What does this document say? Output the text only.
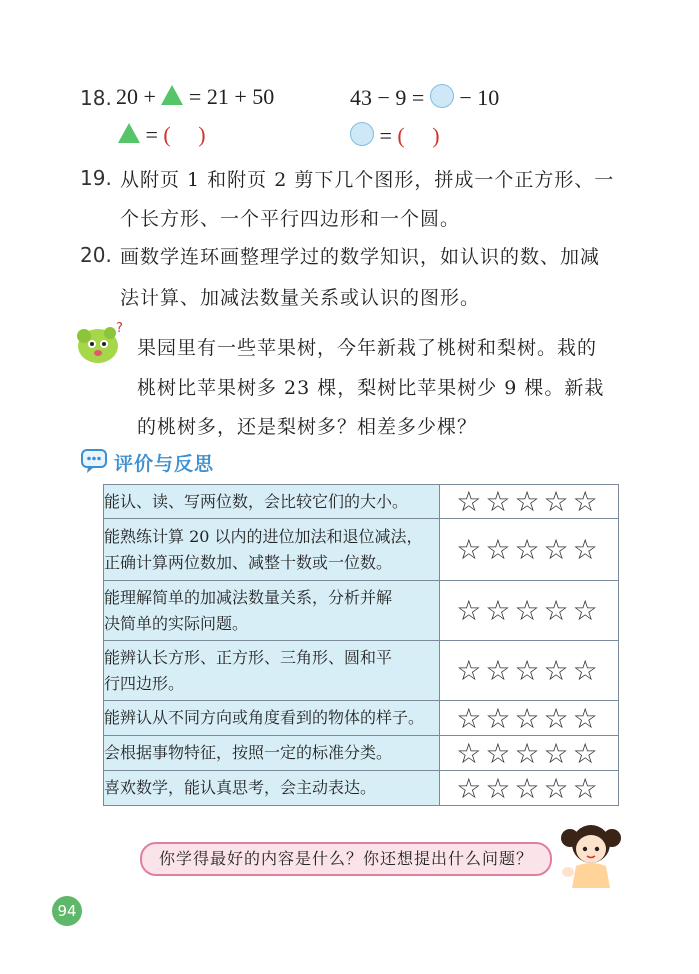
18. 20 + = 21 + 50	43 − 9 = − 10
= (     )	= (     )
19. 从附页 1 和附页 2 剪下几个图形，拼成一个正方形、一
个长方形、一个平行四边形和一个圆。
20. 画数学连环画整理学过的数学知识，如认识的数、加减
法计算、加减法数量关系或认识的图形。
?
果园里有一些苹果树，今年新栽了桃树和梨树。栽的
桃树比苹果树多 23 棵，梨树比苹果树少 9 棵。新栽
的桃树多，还是梨树多？相差多少棵？
评价与反思
能认、读、写两位数，会比较它们的大小。	☆☆☆☆☆
能熟练计算 20 以内的进位加法和退位减法，
正确计算两位数加、减整十数或一位数。	☆☆☆☆☆
能理解简单的加减法数量关系，分析并解
决简单的实际问题。	☆☆☆☆☆
能辨认长方形、正方形、三角形、圆和平
行四边形。	☆☆☆☆☆
能辨认从不同方向或角度看到的物体的样子。	☆☆☆☆☆
会根据事物特征，按照一定的标准分类。	☆☆☆☆☆
喜欢数学，能认真思考，会主动表达。	☆☆☆☆☆
你学得最好的内容是什么？你还想提出什么问题？
94
